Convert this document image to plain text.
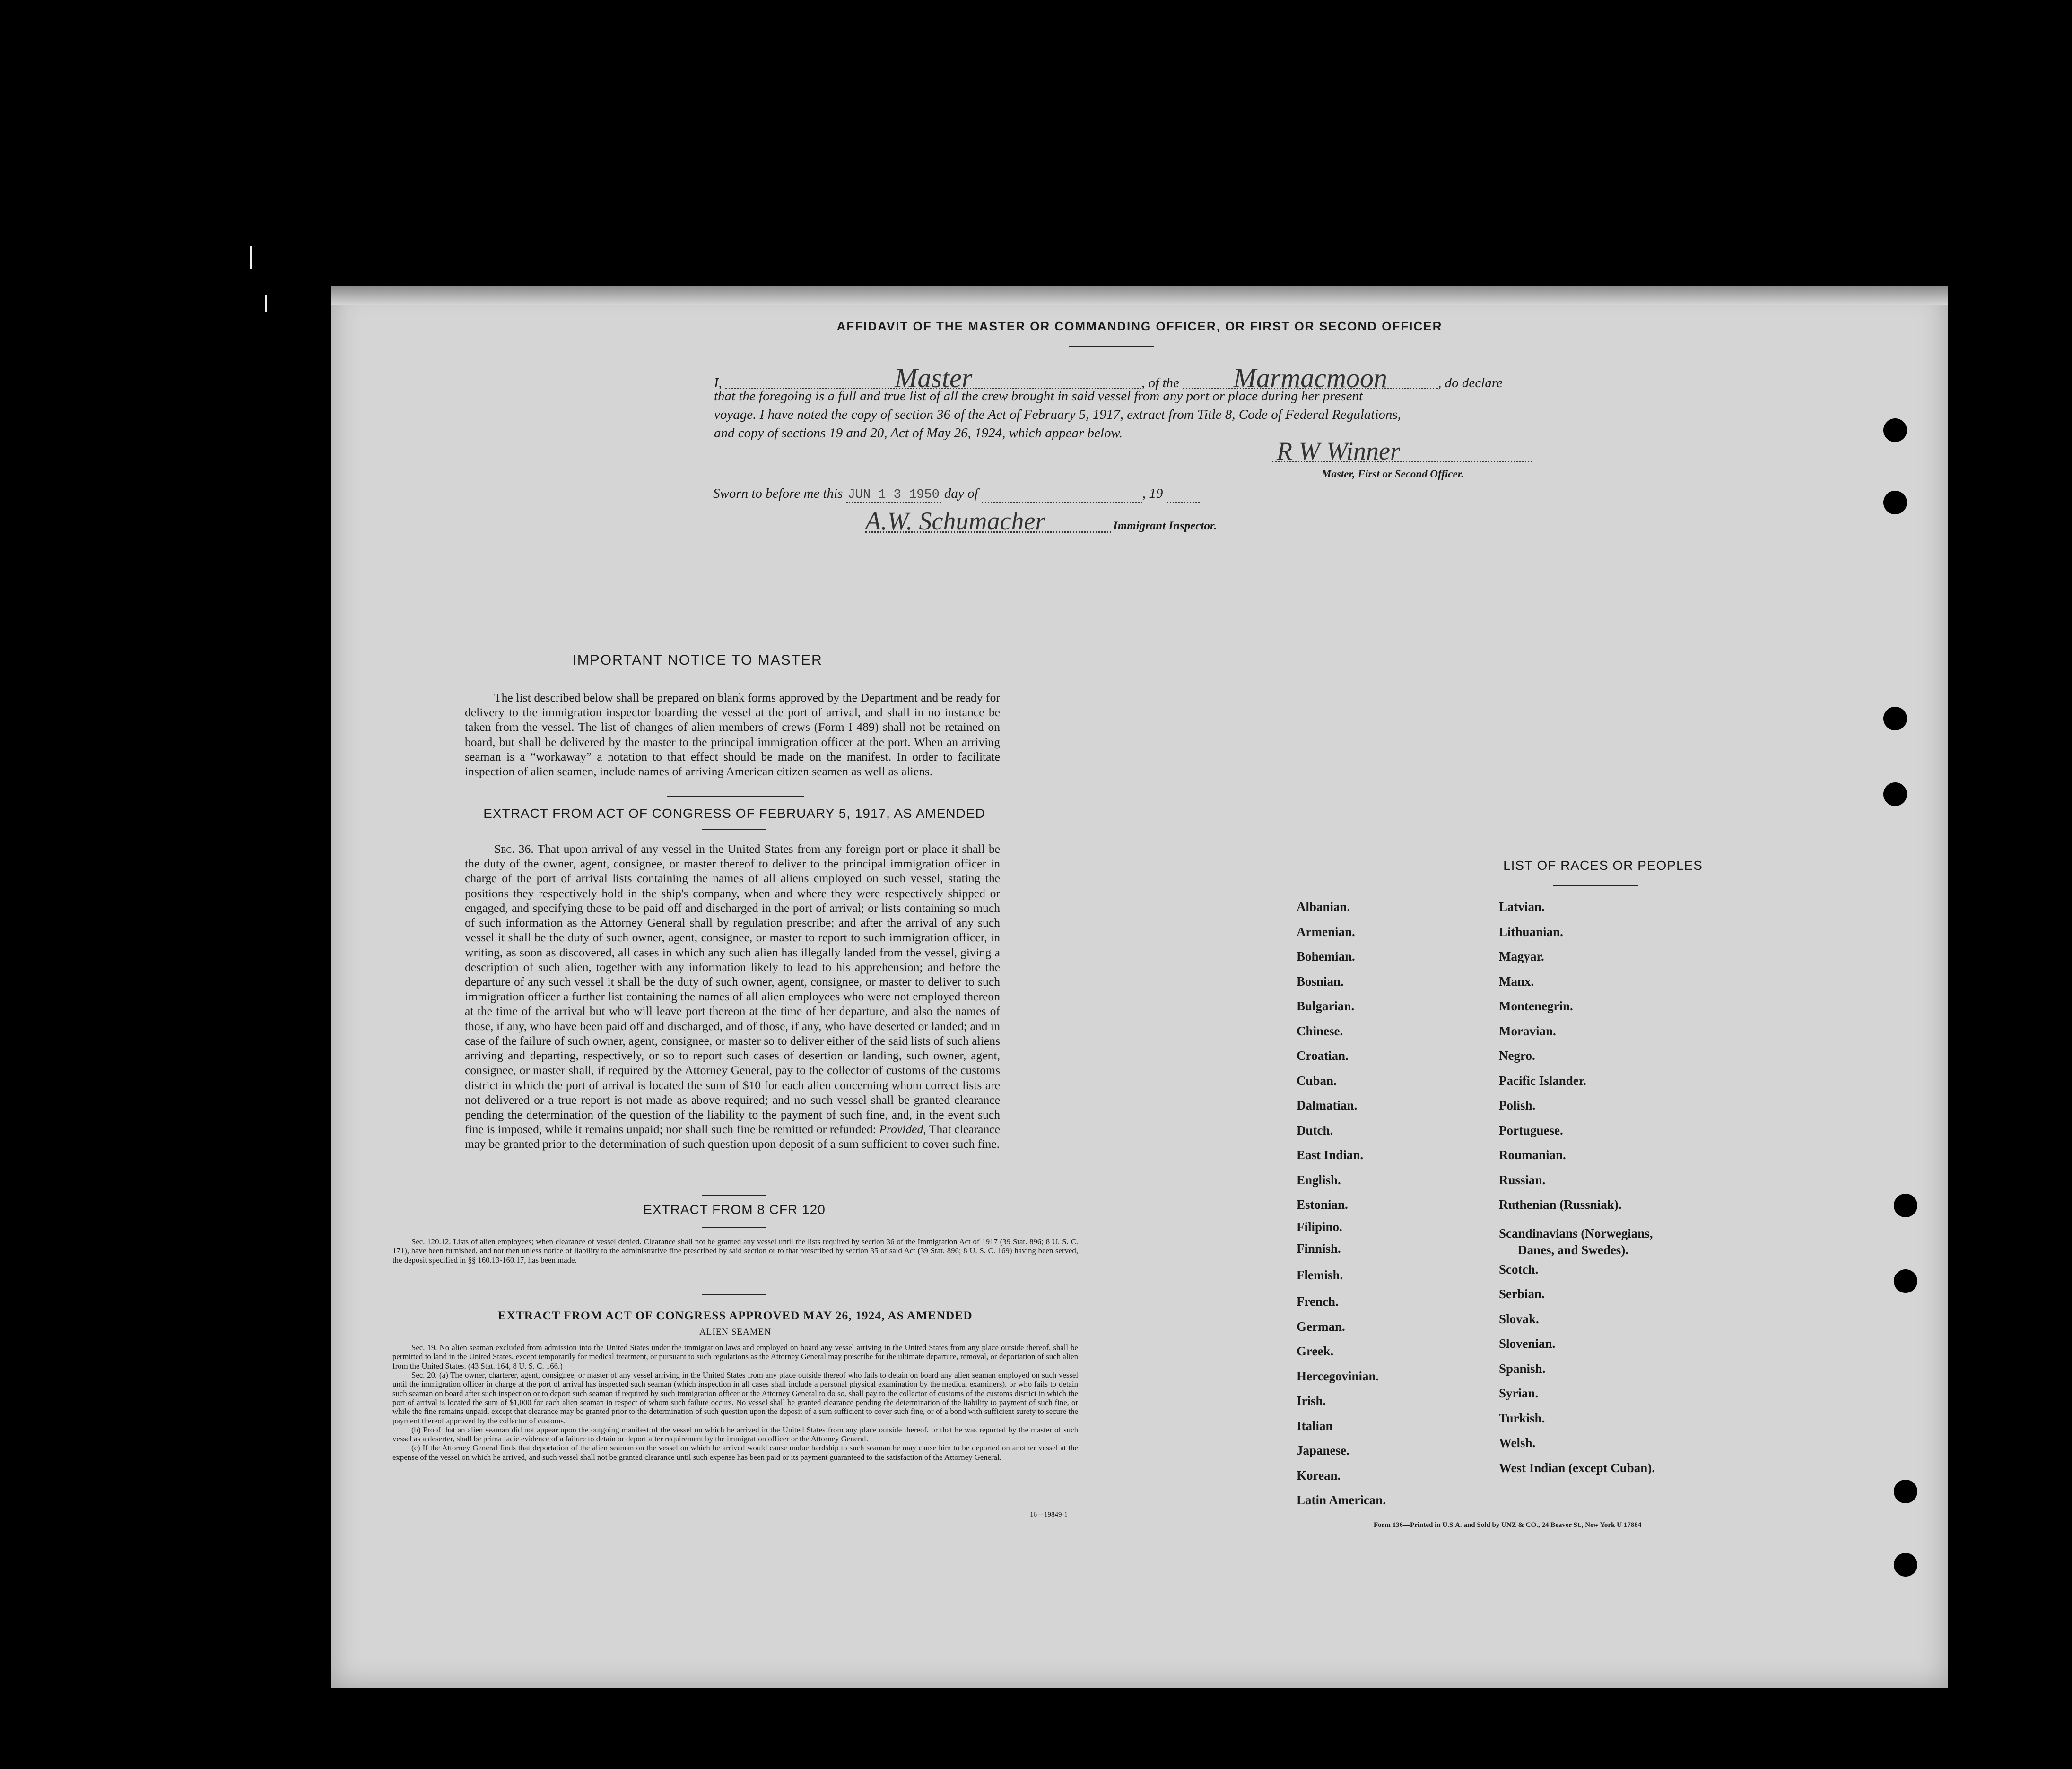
AFFIDAVIT OF THE MASTER OR COMMANDING OFFICER, OR FIRST OR SECOND OFFICER
I,	Master	, of the Marmacmoon	, do declare
that the foregoing is a full and true list of all the crew brought in said vessel from any port or place during her present
voyage. I have noted the copy of section 36 of the Act of February 5, 1917, extract from Title 8, Code of Federal Regulations,
and copy of sections 19 and 20, Act of May 26, 1924, which appear below.
R W Winner
Master, First or Second Officer.
Sworn to before me this JUN 1 3 1950 day of	, 19
A.W. Schumacher	Immigrant Inspector.
IMPORTANT NOTICE TO MASTER
The list described below shall be prepared on blank forms approved by the Department and be ready for delivery to the immigration inspector boarding the vessel at the port of arrival, and shall in no instance be taken from the vessel. The list of changes of alien members of crews (Form I-489) shall not be retained on board, but shall be delivered by the master to the principal immigration officer at the port. When an arriving seaman is a “workaway” a notation to that effect should be made on the manifest. In order to facilitate inspection of alien seamen, include names of arriving American citizen seamen as well as aliens.
EXTRACT FROM ACT OF CONGRESS OF FEBRUARY 5, 1917, AS AMENDED
Sec. 36. That upon arrival of any vessel in the United States from any foreign port or place it shall be the duty of the owner, agent, consignee, or master thereof to deliver to the principal immigration officer in charge of the port of arrival lists containing the names of all aliens employed on such vessel, stating the positions they respectively hold in the ship's company, when and where they were respectively shipped or engaged, and specifying those to be paid off and discharged in the port of arrival; or lists containing so much of such information as the Attorney General shall by regulation prescribe; and after the arrival of any such vessel it shall be the duty of such owner, agent, consignee, or master to report to such immigration officer, in writing, as soon as discovered, all cases in which any such alien has illegally landed from the vessel, giving a description of such alien, together with any information likely to lead to his apprehension; and before the departure of any such vessel it shall be the duty of such owner, agent, consignee, or master to deliver to such immigration officer a further list containing the names of all alien employees who were not employed thereon at the time of the arrival but who will leave port thereon at the time of her departure, and also the names of those, if any, who have been paid off and discharged, and of those, if any, who have deserted or landed; and in case of the failure of such owner, agent, consignee, or master so to deliver either of the said lists of such aliens arriving and departing, respectively, or so to report such cases of desertion or landing, such owner, agent, consignee, or master shall, if required by the Attorney General, pay to the collector of customs of the customs district in which the port of arrival is located the sum of $10 for each alien concerning whom correct lists are not delivered or a true report is not made as above required; and no such vessel shall be granted clearance pending the determination of the question of the liability to the payment of such fine, and, in the event such fine is imposed, while it remains unpaid; nor shall such fine be remitted or refunded: Provided, That clearance may be granted prior to the determination of such question upon deposit of a sum sufficient to cover such fine.
EXTRACT FROM 8 CFR 120
Sec. 120.12. Lists of alien employees; when clearance of vessel denied. Clearance shall not be granted any vessel until the lists required by section 36 of the Immigration Act of 1917 (39 Stat. 896; 8 U. S. C. 171), have been furnished, and not then unless notice of liability to the administrative fine prescribed by said section or to that prescribed by section 35 of said Act (39 Stat. 896; 8 U. S. C. 169) having been served, the deposit specified in §§ 160.13-160.17, has been made.
EXTRACT FROM ACT OF CONGRESS APPROVED MAY 26, 1924, AS AMENDED
ALIEN SEAMEN
Sec. 19. No alien seaman excluded from admission into the United States under the immigration laws and employed on board any vessel arriving in the United States from any place outside thereof, shall be permitted to land in the United States, except temporarily for medical treatment, or pursuant to such regulations as the Attorney General may prescribe for the ultimate departure, removal, or deportation of such alien from the United States. (43 Stat. 164, 8 U. S. C. 166.)
Sec. 20. (a) The owner, charterer, agent, consignee, or master of any vessel arriving in the United States from any place outside thereof who fails to detain on board any alien seaman employed on such vessel until the immigration officer in charge at the port of arrival has inspected such seaman (which inspection in all cases shall include a personal physical examination by the medical examiners), or who fails to detain such seaman on board after such inspection or to deport such seaman if required by such immigration officer or the Attorney General to do so, shall pay to the collector of customs of the customs district in which the port of arrival is located the sum of $1,000 for each alien seaman in respect of whom such failure occurs. No vessel shall be granted clearance pending the determination of the liability to payment of such fine, or while the fine remains unpaid, except that clearance may be granted prior to the determination of such question upon the deposit of a sum sufficient to cover such fine, or of a bond with sufficient surety to secure the payment thereof approved by the collector of customs.
(b) Proof that an alien seaman did not appear upon the outgoing manifest of the vessel on which he arrived in the United States from any place outside thereof, or that he was reported by the master of such vessel as a deserter, shall be prima facie evidence of a failure to detain or deport after requirement by the immigration officer or the Attorney General.
(c) If the Attorney General finds that deportation of the alien seaman on the vessel on which he arrived would cause undue hardship to such seaman he may cause him to be deported on another vessel at the expense of the vessel on which he arrived, and such vessel shall not be granted clearance until such expense has been paid or its payment guaranteed to the satisfaction of the Attorney General.
16—19849-1
LIST OF RACES OR PEOPLES
Albanian.
Armenian.
Bohemian.
Bosnian.
Bulgarian.
Chinese.
Croatian.
Cuban.
Dalmatian.
Dutch.
East Indian.
English.
Estonian.
Filipino.
Finnish.
Flemish.
French.
German.
Greek.
Hercegovinian.
Irish.
Italian
Japanese.
Korean.
Latin American.
Latvian.
Lithuanian.
Magyar.
Manx.
Montenegrin.
Moravian.
Negro.
Pacific Islander.
Polish.
Portuguese.
Roumanian.
Russian.
Ruthenian (Russniak).
Scandinavians (Norwegians,
Danes, and Swedes).
Scotch.
Serbian.
Slovak.
Slovenian.
Spanish.
Syrian.
Turkish.
Welsh.
West Indian (except Cuban).
Form 136—Printed in U.S.A. and Sold by UNZ & CO., 24 Beaver St., New York U 17884
